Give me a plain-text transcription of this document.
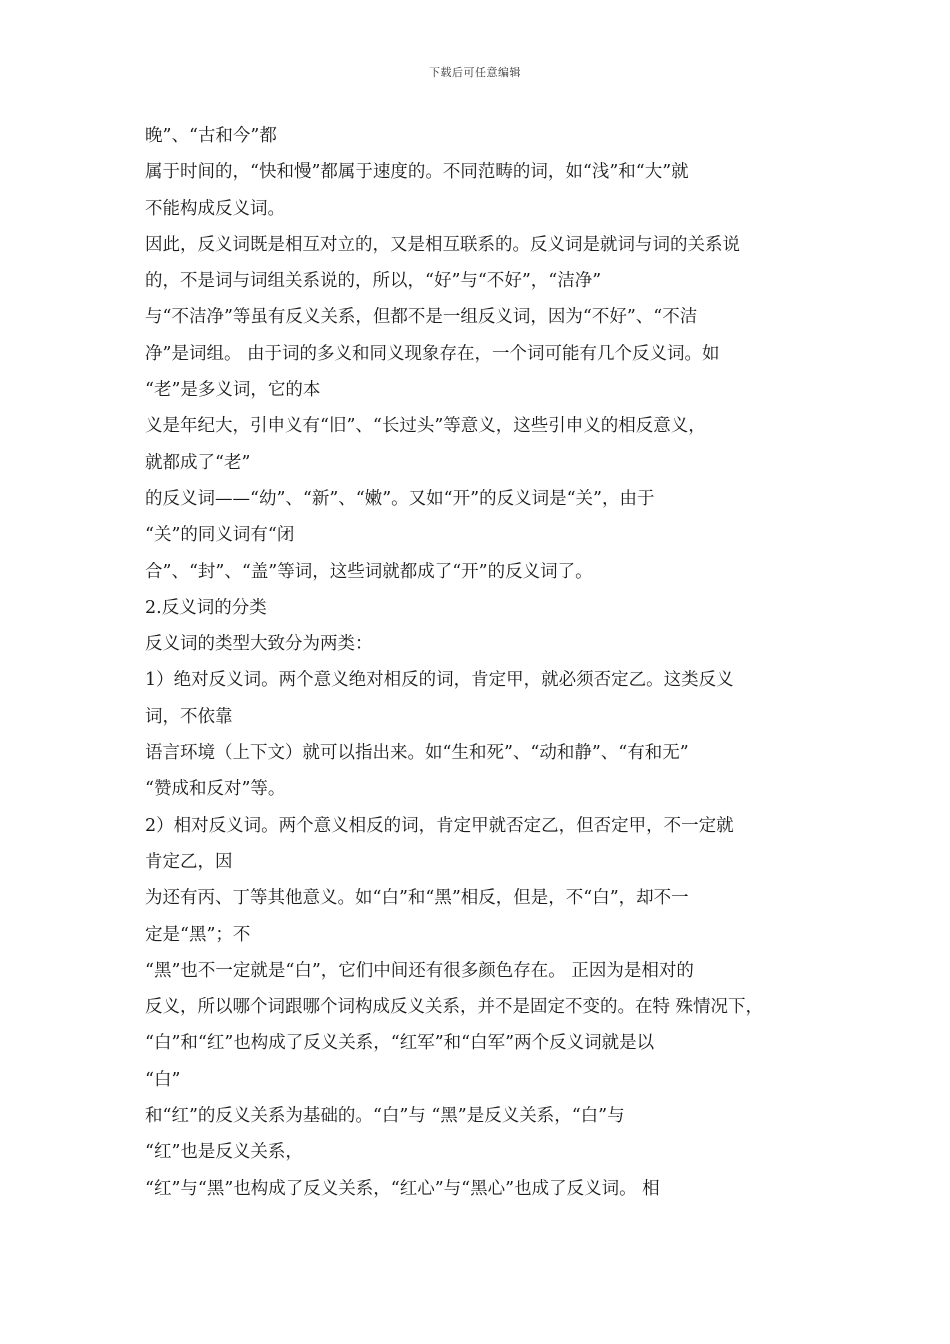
下载后可任意编辑
晚”、“古和今”都
属于时间的，“快和慢”都属于速度的。不同范畴的词，如“浅”和“大”就
不能构成反义词。
因此，反义词既是相互对立的，又是相互联系的。反义词是就词与词的关系说
的，不是词与词组关系说的，所以，“好”与“不好”，“洁净”
与“不洁净”等虽有反义关系，但都不是一组反义词，因为“不好”、“不洁
净”是词组。 由于词的多义和同义现象存在，一个词可能有几个反义词。如
“老”是多义词，它的本
义是年纪大，引申义有“旧”、“长过头”等意义，这些引申义的相反意义，
就都成了“老”
的反义词——“幼”、“新”、“嫩”。又如“开”的反义词是“关”，由于
“关”的同义词有“闭
合”、“封”、“盖”等词，这些词就都成了“开”的反义词了。
2.反义词的分类
反义词的类型大致分为两类：
1）绝对反义词。两个意义绝对相反的词，肯定甲，就必须否定乙。这类反义
词，不依靠
语言环境（上下文）就可以指出来。如“生和死”、“动和静”、“有和无”
“赞成和反对”等。
2）相对反义词。两个意义相反的词，肯定甲就否定乙，但否定甲，不一定就
肯定乙，因
为还有丙、丁等其他意义。如“白”和“黑”相反，但是，不“白”，却不一
定是“黑”；不
“黑”也不一定就是“白”，它们中间还有很多颜色存在。 正因为是相对的
反义，所以哪个词跟哪个词构成反义关系，并不是固定不变的。在特 殊情况下，
“白”和“红”也构成了反义关系，“红军”和“白军”两个反义词就是以
“白”
和“红”的反义关系为基础的。“白”与 “黑”是反义关系，“白”与
“红”也是反义关系，
“红”与“黑”也构成了反义关系，“红心”与“黑心”也成了反义词。 相
